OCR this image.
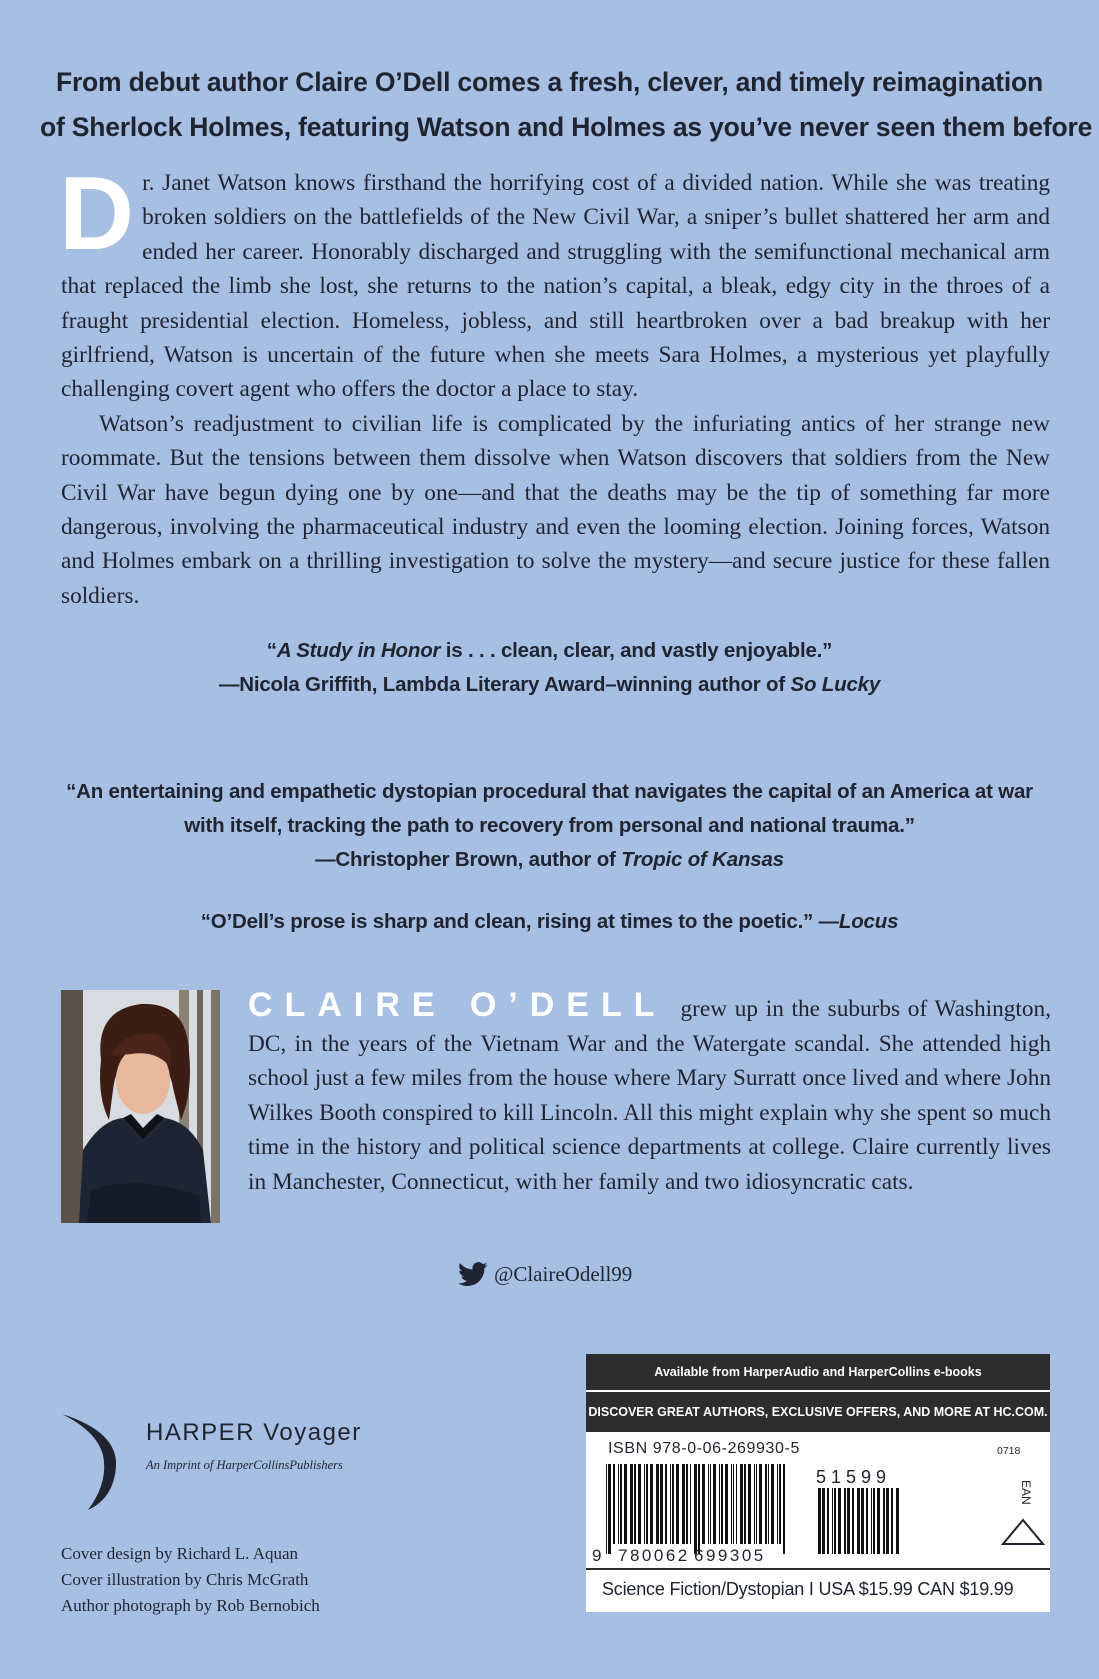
From debut author Claire O’Dell comes a fresh, clever, and timely reimagination
of Sherlock Holmes, featuring Watson and Holmes as you’ve never seen them before

Dr. Janet Watson knows firsthand the horrifying cost of a divided nation. While she was treating broken soldiers on the battlefields of the New Civil War, a sniper’s bullet shattered her arm and ended her career. Honorably discharged and struggling with the semifunctional mechanical arm that replaced the limb she lost, she returns to the nation’s capital, a bleak, edgy city in the throes of a fraught presidential election. Homeless, jobless, and still heartbroken over a bad breakup with her girlfriend, Watson is uncertain of the future when she meets Sara Holmes, a mysterious yet playfully challenging covert agent who offers the doctor a place to stay.

Watson’s readjustment to civilian life is complicated by the infuriating antics of her strange new roommate. But the tensions between them dissolve when Watson discovers that soldiers from the New Civil War have begun dying one by one—and that the deaths may be the tip of something far more dangerous, involving the pharmaceutical industry and even the looming election. Joining forces, Watson and Holmes embark on a thrilling investigation to solve the mystery—and secure justice for these fallen soldiers.

“A Study in Honor is . . . clean, clear, and vastly enjoyable.”
—Nicola Griffith, Lambda Literary Award–winning author of So Lucky
“An entertaining and empathetic dystopian procedural that navigates the capital of an America at war
with itself, tracking the path to recovery from personal and national trauma.”
—Christopher Brown, author of Tropic of Kansas
“O’Dell’s prose is sharp and clean, rising at times to the poetic.” —Locus
CLAIRE O’DELL grew up in the suburbs of Washington, DC, in the years of the Vietnam War and the Watergate scandal. She attended high school just a few miles from the house where Mary Surratt once lived and where John Wilkes Booth conspired to kill Lincoln. All this might explain why she spent so much time in the history and political science departments at college. Claire currently lives in Manchester, Connecticut, with her family and two idiosyncratic cats.
@ClaireOdell99
HARPER Voyager
An Imprint of HarperCollinsPublishers
Cover design by Richard L. Aquan
Cover illustration by Chris McGrath
Author photograph by Rob Bernobich
Available from HarperAudio and HarperCollins e-books
DISCOVER GREAT AUTHORS, EXCLUSIVE OFFERS, AND MORE AT HC.COM.
ISBN 978-0-06-269930-5	0718
51599
9 780062 699305
EAN
Science Fiction/Dystopian I USA $15.99 CAN $19.99
